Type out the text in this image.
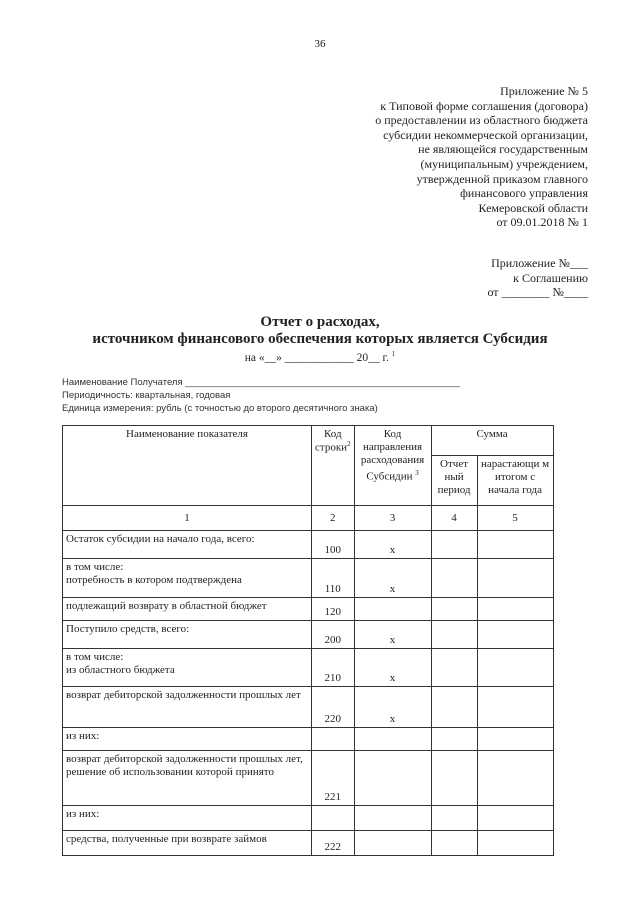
36
Приложение № 5
к Типовой форме соглашения (договора)
о предоставлении из областного бюджета
субсидии некоммерческой организации,
не являющейся государственным
(муниципальным) учреждением,
утвержденной приказом главного
финансового управления
Кемеровской области
от 09.01.2018 № 1
Приложение №___
к Соглашению
от ________ №____
Отчет о расходах,
источником финансового обеспечения которых является Субсидия
на «__» ____________ 20__ г. $^1$
Наименование Получателя ____________________________________________________
Периодичность: квартальная, годовая
Единица измерения: рубль (с точностью до второго десятичного знака)
Наименование показателя	Код строки$^2$	Код направления расходования Субсидии $^3$	Сумма	
			Отчет ный период	нарастающи м итогом с начала года
1	2	3	4	5
Остаток субсидии на начало года, всего:	100	x		
в том числе:
потребность в котором подтверждена	110	x		
подлежащий возврату в областной бюджет	120			
Поступило средств, всего:	200	x		
в том числе:
из областного бюджета	210	x		
возврат дебиторской задолженности прошлых лет	220	x		
из них:				
возврат дебиторской задолженности прошлых лет, решение об использовании которой принято	221			
из них:				
средства, полученные при возврате займов	222			
